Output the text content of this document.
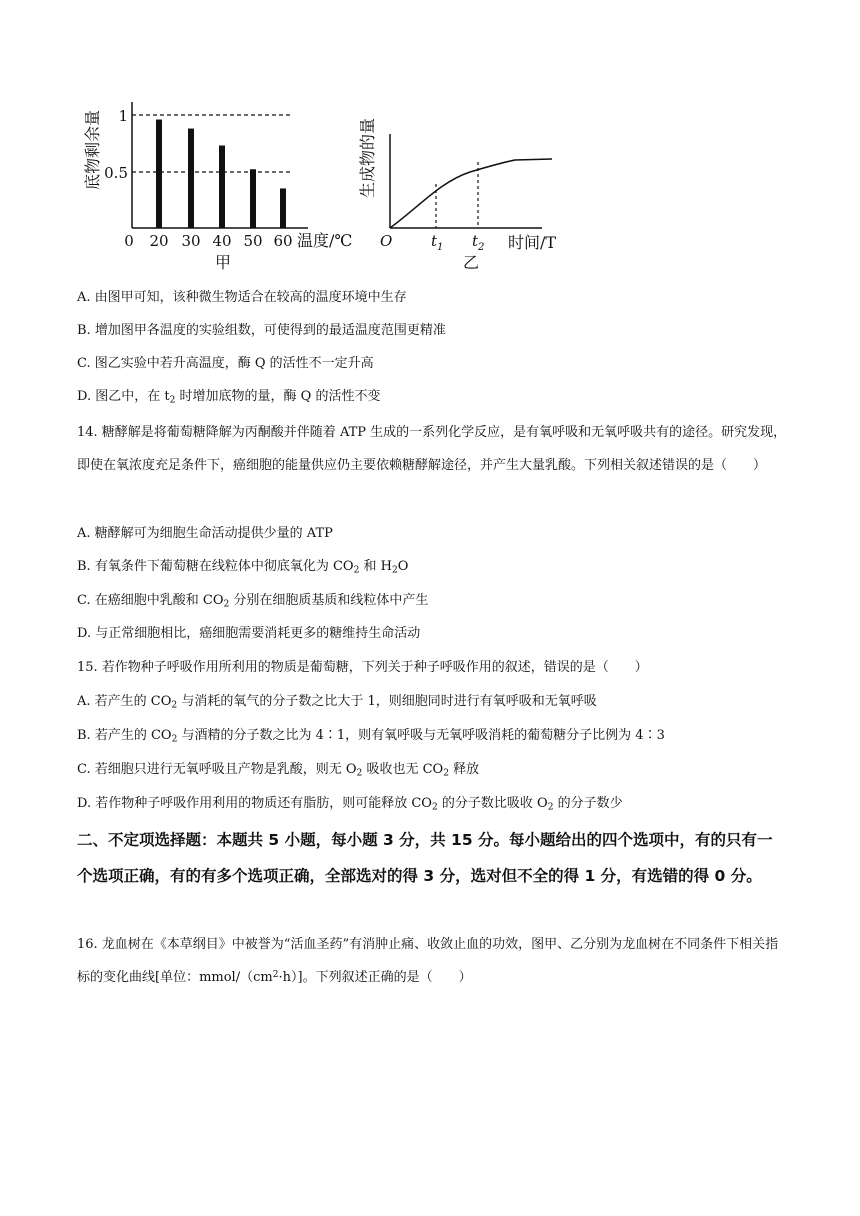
底物剩余量 1
0.5
0 20 30 40 50 60 温度/℃
甲
生成物的量
O	$t_1$ $t_2$ 时间/T
乙
A. 由图甲可知，该种微生物适合在较高的温度环境中生存
B. 增加图甲各温度的实验组数，可使得到的最适温度范围更精准
C. 图乙实验中若升高温度，酶 Q 的活性不一定升高
D. 图乙中，在 $t_2$ 时增加底物的量，酶 Q 的活性不变
14. 糖酵解是将葡萄糖降解为丙酮酸并伴随着 ATP 生成的一系列化学反应，是有氧呼吸和无氧呼吸共有的途径。研究发现，即使在氧浓度充足条件下，癌细胞的能量供应仍主要依赖糖酵解途径，并产生大量乳酸。下列相关叙述错误的是（　　）
A. 糖酵解可为细胞生命活动提供少量的 ATP
B. 有氧条件下葡萄糖在线粒体中彻底氧化为 $CO_2$ 和 $H_2O$
C. 在癌细胞中乳酸和 $CO_2$ 分别在细胞质基质和线粒体中产生
D. 与正常细胞相比，癌细胞需要消耗更多的糖维持生命活动
15. 若作物种子呼吸作用所利用的物质是葡萄糖，下列关于种子呼吸作用的叙述，错误的是（　　）
A. 若产生的 $CO_2$ 与消耗的氧气的分子数之比大于 1，则细胞同时进行有氧呼吸和无氧呼吸
B. 若产生的 $CO_2$ 与酒精的分子数之比为 4∶1，则有氧呼吸与无氧呼吸消耗的葡萄糖分子比例为 4∶3
C. 若细胞只进行无氧呼吸且产物是乳酸，则无 $O_2$ 吸收也无 $CO_2$ 释放
D. 若作物种子呼吸作用利用的物质还有脂肪，则可能释放 $CO_2$ 的分子数比吸收 $O_2$ 的分子数少
二、不定项选择题：本题共 5 小题，每小题 3 分，共 15 分。每小题给出的四个选项中，有的只有一个选项正确，有的有多个选项正确，全部选对的得 3 分，选对但不全的得 1 分，有选错的得 0 分。
16. 龙血树在《本草纲目》中被誉为“活血圣药”有消肿止痛、收敛止血的功效，图甲、乙分别为龙血树在不同条件下相关指标的变化曲线[单位：mmol/$(cm^2\cdot h)$]。下列叙述正确的是（　　）
